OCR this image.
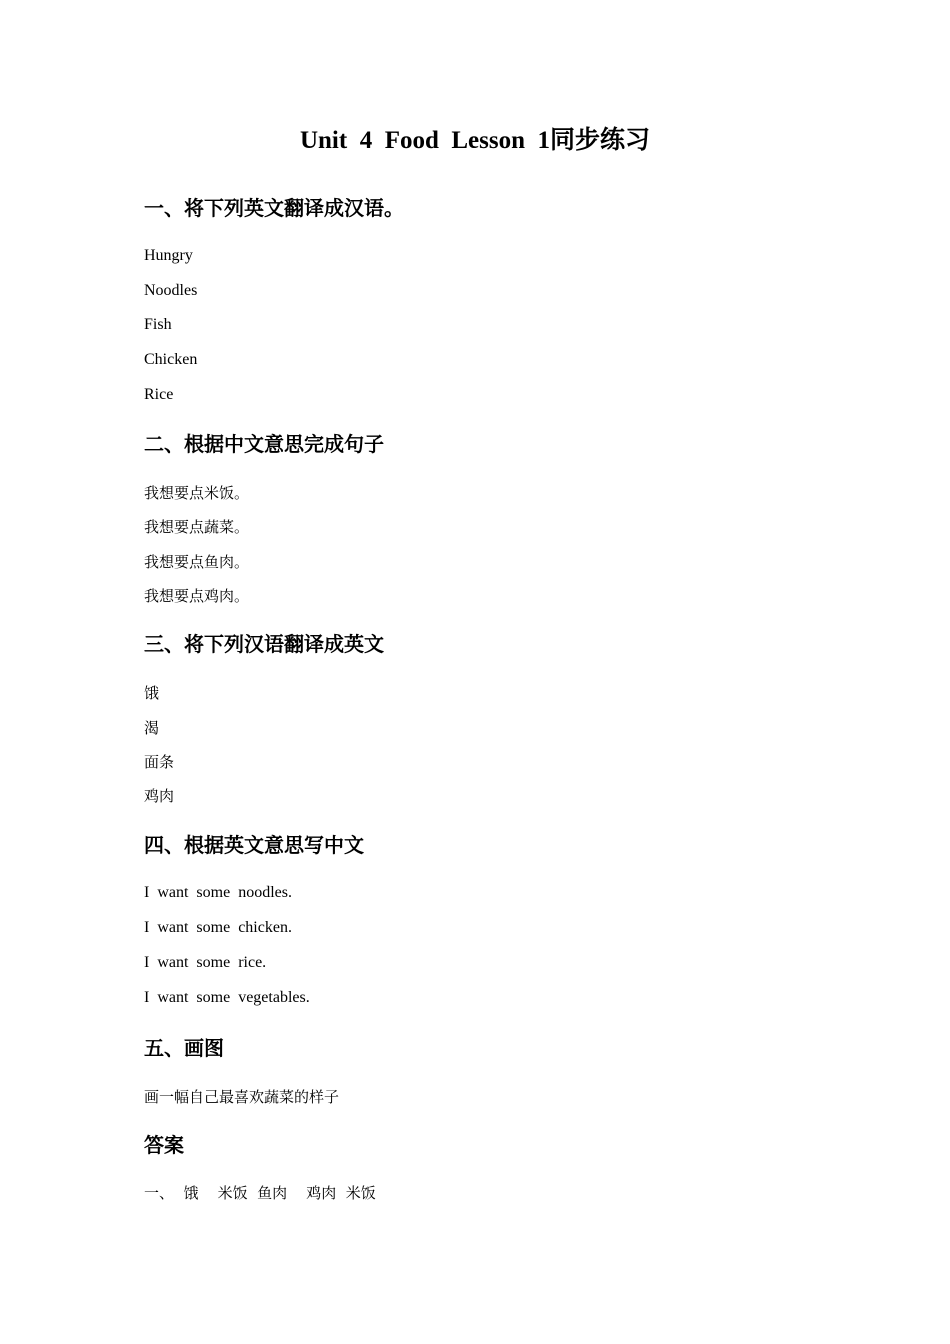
Unit  4  Food  Lesson  1同步练习
一、将下列英文翻译成汉语。
Hungry
Noodles
Fish
Chicken
Rice
二、根据中文意思完成句子
我想要点米饭。
我想要点蔬菜。
我想要点鱼肉。
我想要点鸡肉。
三、将下列汉语翻译成英文
饿
渴
面条
鸡肉
四、根据英文意思写中文
I  want  some  noodles.
I  want  some  chicken.
I  want  some  rice.
I  want  some  vegetables.
五、画图
画一幅自己最喜欢蔬菜的样子
答案
一、  饿    米饭  鱼肉    鸡肉  米饭
